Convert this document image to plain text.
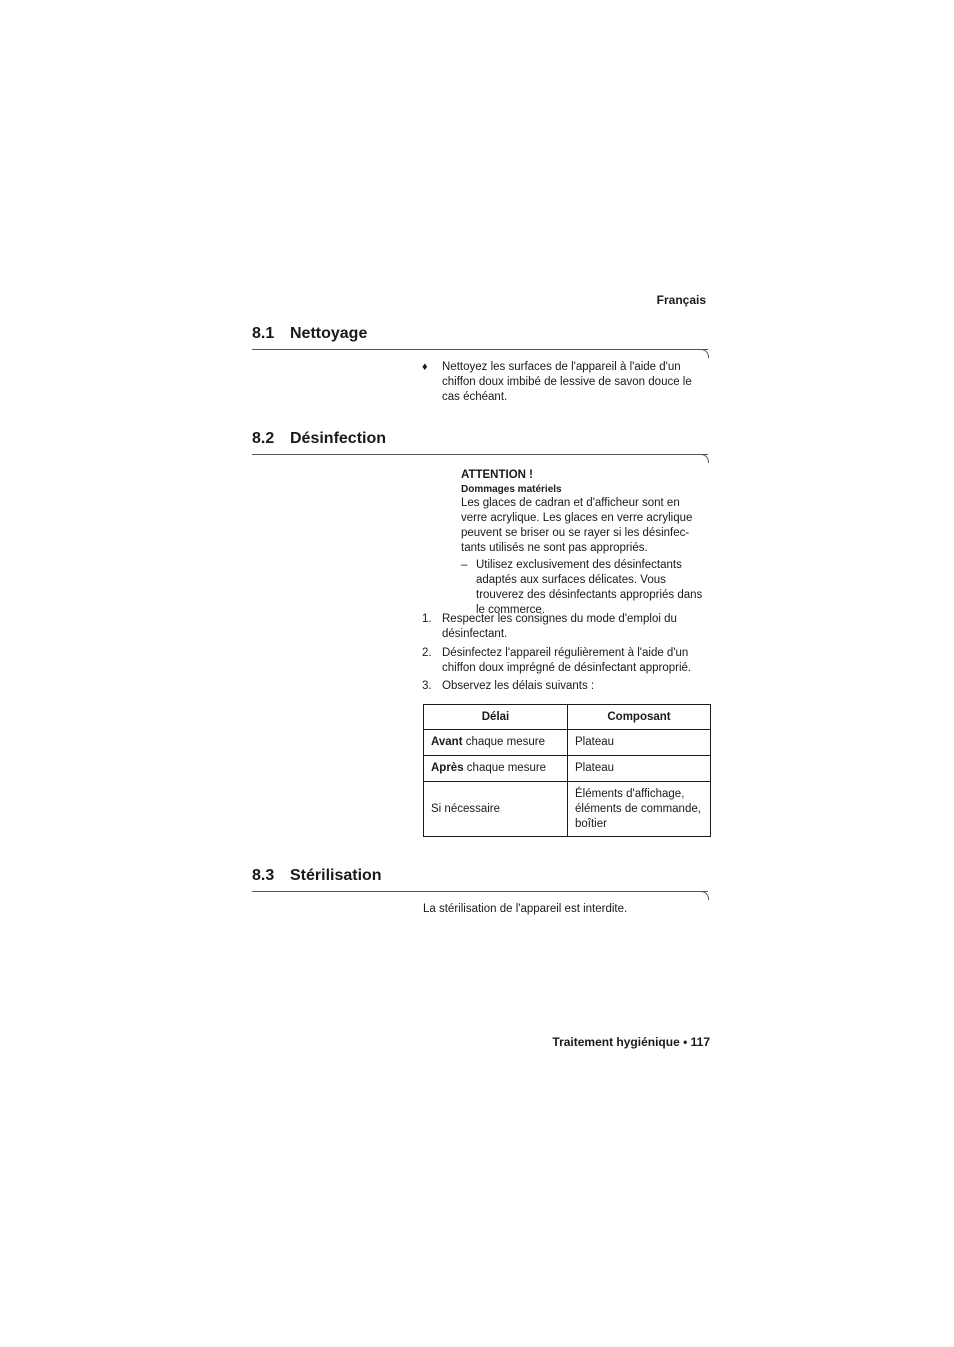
Français
8.1 Nettoyage
♦ Nettoyez les surfaces de l'appareil à l'aide d'un chiffon doux imbibé de lessive de savon douce le cas échéant.
8.2 Désinfection
ATTENTION !
Dommages matériels
Les glaces de cadran et d'afficheur sont en
verre acrylique. Les glaces en verre acrylique
peuvent se briser ou se rayer si les désinfec-
tants utilisés ne sont pas appropriés.
– Utilisez exclusivement des désinfectants
adaptés aux surfaces délicates. Vous
trouverez des désinfectants appropriés dans
le commerce.
1. Respecter les consignes du mode d'emploi du
désinfectant.
2. Désinfectez l'appareil régulièrement à l'aide d'un
chiffon doux imprégné de désinfectant approprié.
3. Observez les délais suivants :
Délai	Composant
Avant chaque mesure	Plateau

Après chaque mesure	Plateau

Si nécessaire	Éléments d'affichage,
éléments de commande,
boîtier
8.3 Stérilisation
La stérilisation de l'appareil est interdite.
Traitement hygiénique • 117
